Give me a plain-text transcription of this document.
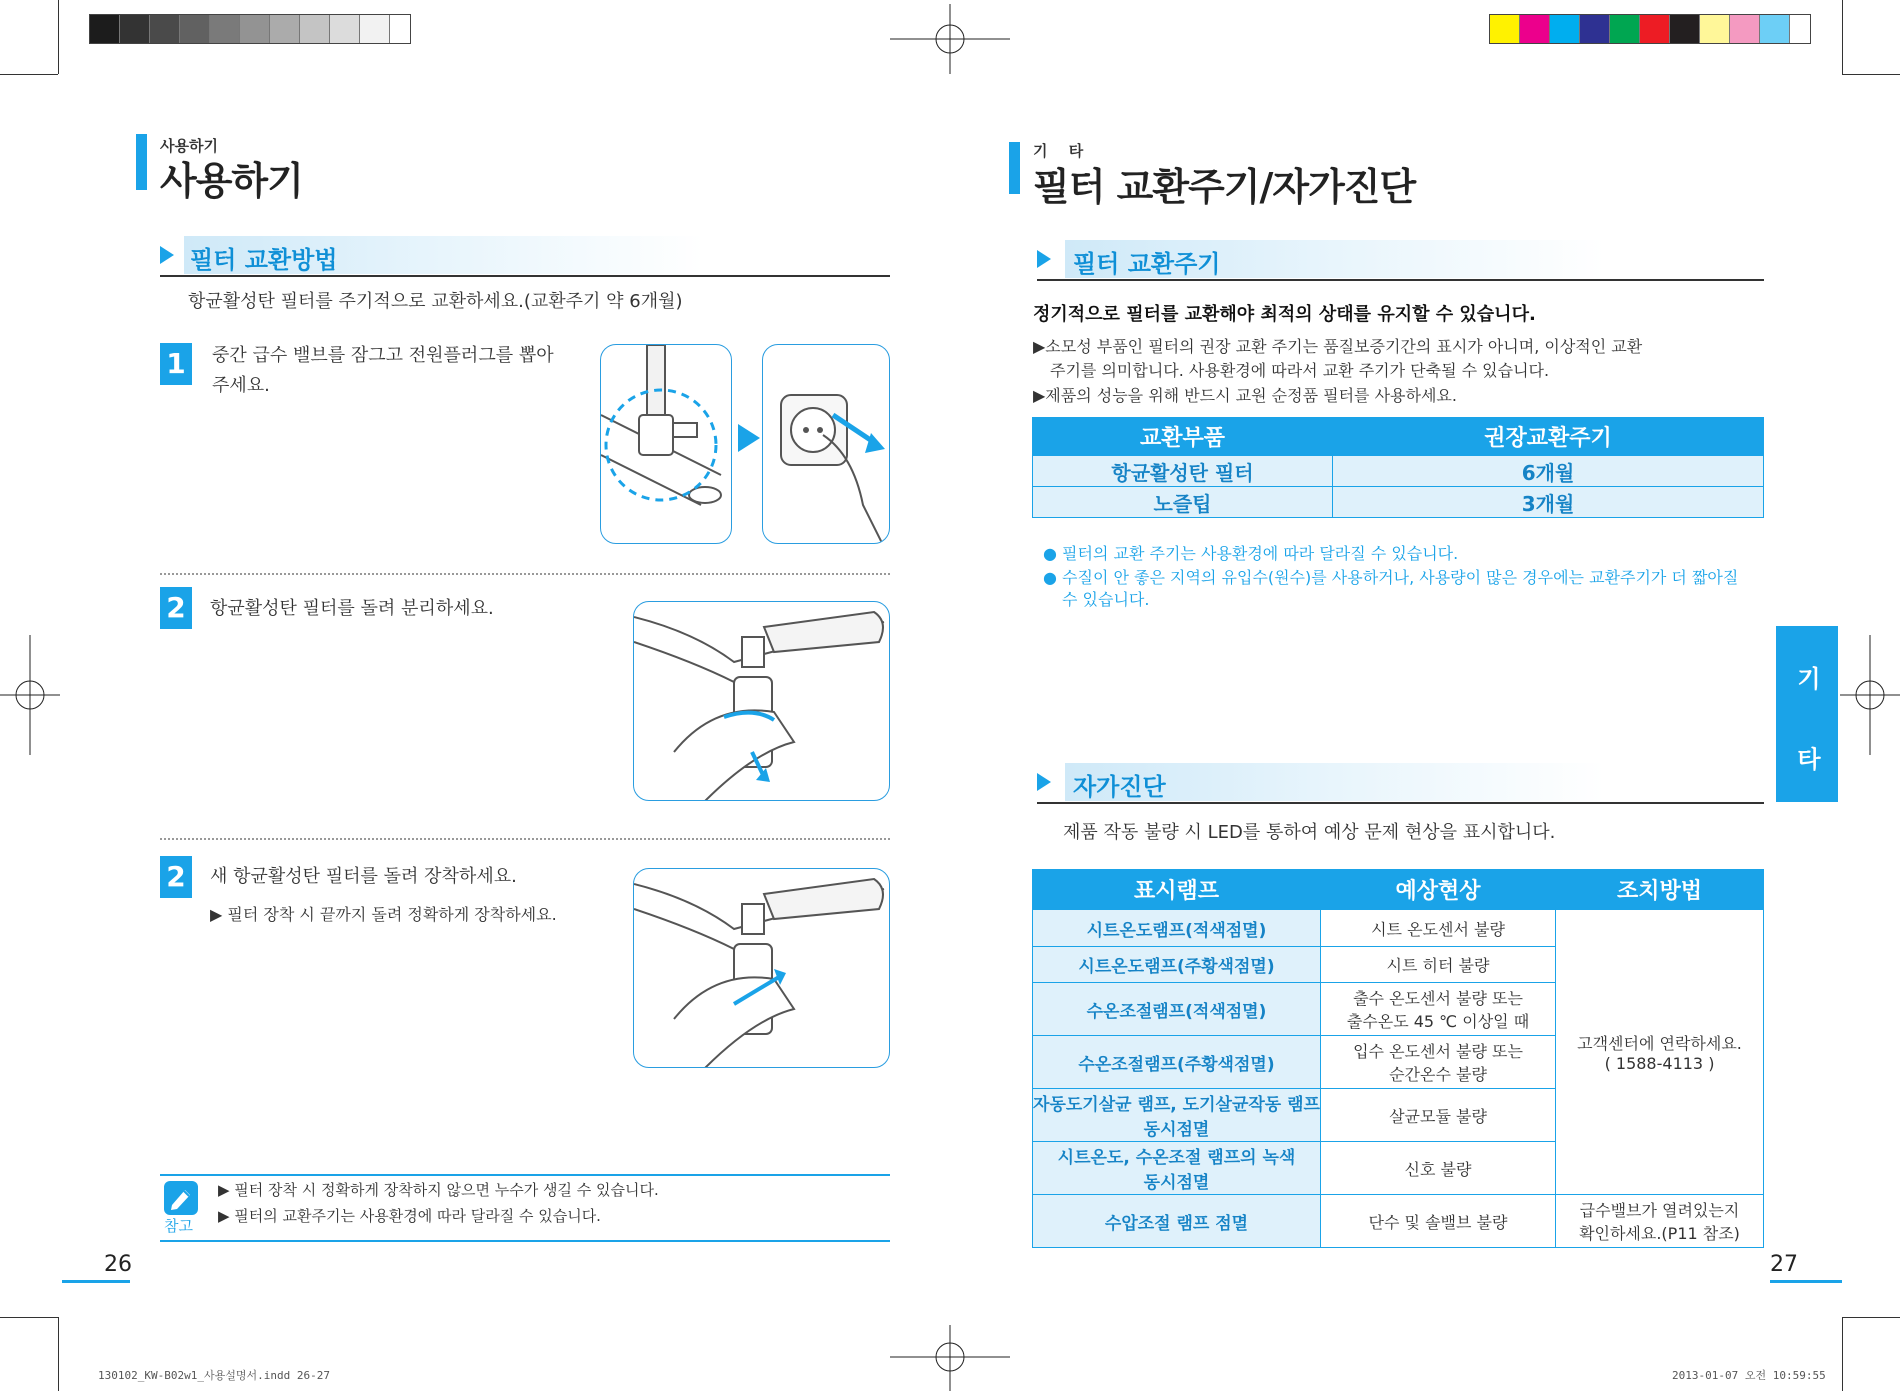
사용하기
사용하기
필터 교환방법
항균활성탄 필터를 주기적으로 교환하세요.(교환주기 약 6개월)
1	중간 급수 밸브를 잠그고 전원플러그를 뽑아
주세요.
2	항균활성탄 필터를 돌려 분리하세요.
2	새 항균활성탄 필터를 돌려 장착하세요.
▶ 필터 장착 시 끝까지 돌려 정확하게 장착하세요.
참고
▶ 필터 장착 시 정확하게 장착하지 않으면 누수가 생길 수 있습니다.
▶ 필터의 교환주기는 사용환경에 따라 달라질 수 있습니다.
26
기 타
필터 교환주기/자가진단
필터 교환주기
정기적으로 필터를 교환해야 최적의 상태를 유지할 수 있습니다.
▶소모성 부품인 필터의 권장 교환 주기는 품질보증기간의 표시가 아니며, 이상적인 교환
주기를 의미합니다. 사용환경에 따라서 교환 주기가 단축될 수 있습니다.
▶제품의 성능을 위해 반드시 교원 순정품 필터를 사용하세요.
교환부품	권장교환주기
항균활성탄 필터	6개월
노즐팁	3개월
● 필터의 교환 주기는 사용환경에 따라 달라질 수 있습니다.
● 수질이 안 좋은 지역의 유입수(원수)를 사용하거나, 사용량이 많은 경우에는 교환주기가 더 짧아질
수 있습니다.
자가진단
제품 작동 불량 시 LED를 통하여 예상 문제 현상을 표시합니다.
표시램프	예상현상	조치방법
시트온도램프(적색점멸)	시트 온도센서 불량	고객센터에 연락하세요.
( 1588-4113 )

시트온도램프(주황색점멸)	시트 히터 불량	
수온조절램프(적색점멸)	출수 온도센서 불량 또는
출수온도 45 ℃ 이상일 때	

수온조절램프(주황색점멸)	입수 온도센서 불량 또는
순간온수 불량	

자동도기살균 램프, 도기살균작동 램프
동시점멸	살균모듈 불량	

시트온도, 수온조절 램프의 녹색
동시점멸	신호 불량	
수압조절 램프 점멸	단수 및 솔밸브 불량	급수밸브가 열려있는지
확인하세요.(P11 참조)
기 타
27
130102_KW-B02w1_사용설명서.indd 26-27	2013-01-07 오전 10:59:55
